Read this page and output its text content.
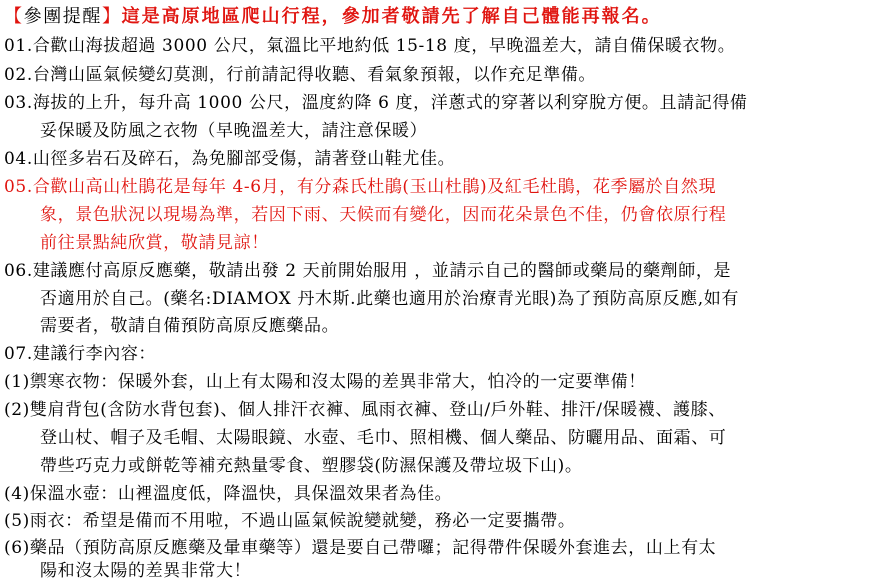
【參團提醒】這是高原地區爬山行程，參加者敬請先了解自己體能再報名。
01.合歡山海拔超過 3000 公尺，氣溫比平地約低 15-18 度，早晚溫差大，請自備保暖衣物。
02.台灣山區氣候變幻莫測，行前請記得收聽、看氣象預報，以作充足準備。
03.海拔的上升，每升高 1000 公尺，溫度約降 6 度，洋蔥式的穿著以利穿脫方便。且請記得備
妥保暖及防風之衣物（早晚溫差大，請注意保暖）
04.山徑多岩石及碎石，為免腳部受傷，請著登山鞋尤佳。
05.合歡山高山杜鵑花是每年 4-6月，有分森氏杜鵑(玉山杜鵑)及紅毛杜鵑，花季屬於自然現
象，景色狀況以現場為準，若因下雨、天候而有變化，因而花朵景色不佳，仍會依原行程
前往景點純欣賞，敬請見諒！
06.建議應付高原反應藥，敬請出發 2 天前開始服用 ，並請示自己的醫師或藥局的藥劑師，是
否適用於自己。(藥名:DIAMOX 丹木斯.此藥也適用於治療青光眼)為了預防高原反應,如有
需要者，敬請自備預防高原反應藥品。
07.建議行李內容：
(1)禦寒衣物：保暖外套，山上有太陽和沒太陽的差異非常大，怕冷的一定要準備！
(2)雙肩背包(含防水背包套)、個人排汗衣褲、風雨衣褲、登山/戶外鞋、排汗/保暖襪、護膝、
登山杖、帽子及毛帽、太陽眼鏡、水壺、毛巾、照相機、個人藥品、防曬用品、面霜、可
帶些巧克力或餅乾等補充熱量零食、塑膠袋(防濕保護及帶垃圾下山)。
(4)保溫水壺：山裡溫度低，降溫快，具保溫效果者為佳。
(5)雨衣：希望是備而不用啦，不過山區氣候說變就變，務必一定要攜帶。
(6)藥品（預防高原反應藥及暈車藥等）還是要自己帶囉；記得帶件保暖外套進去，山上有太
陽和沒太陽的差異非常大！
